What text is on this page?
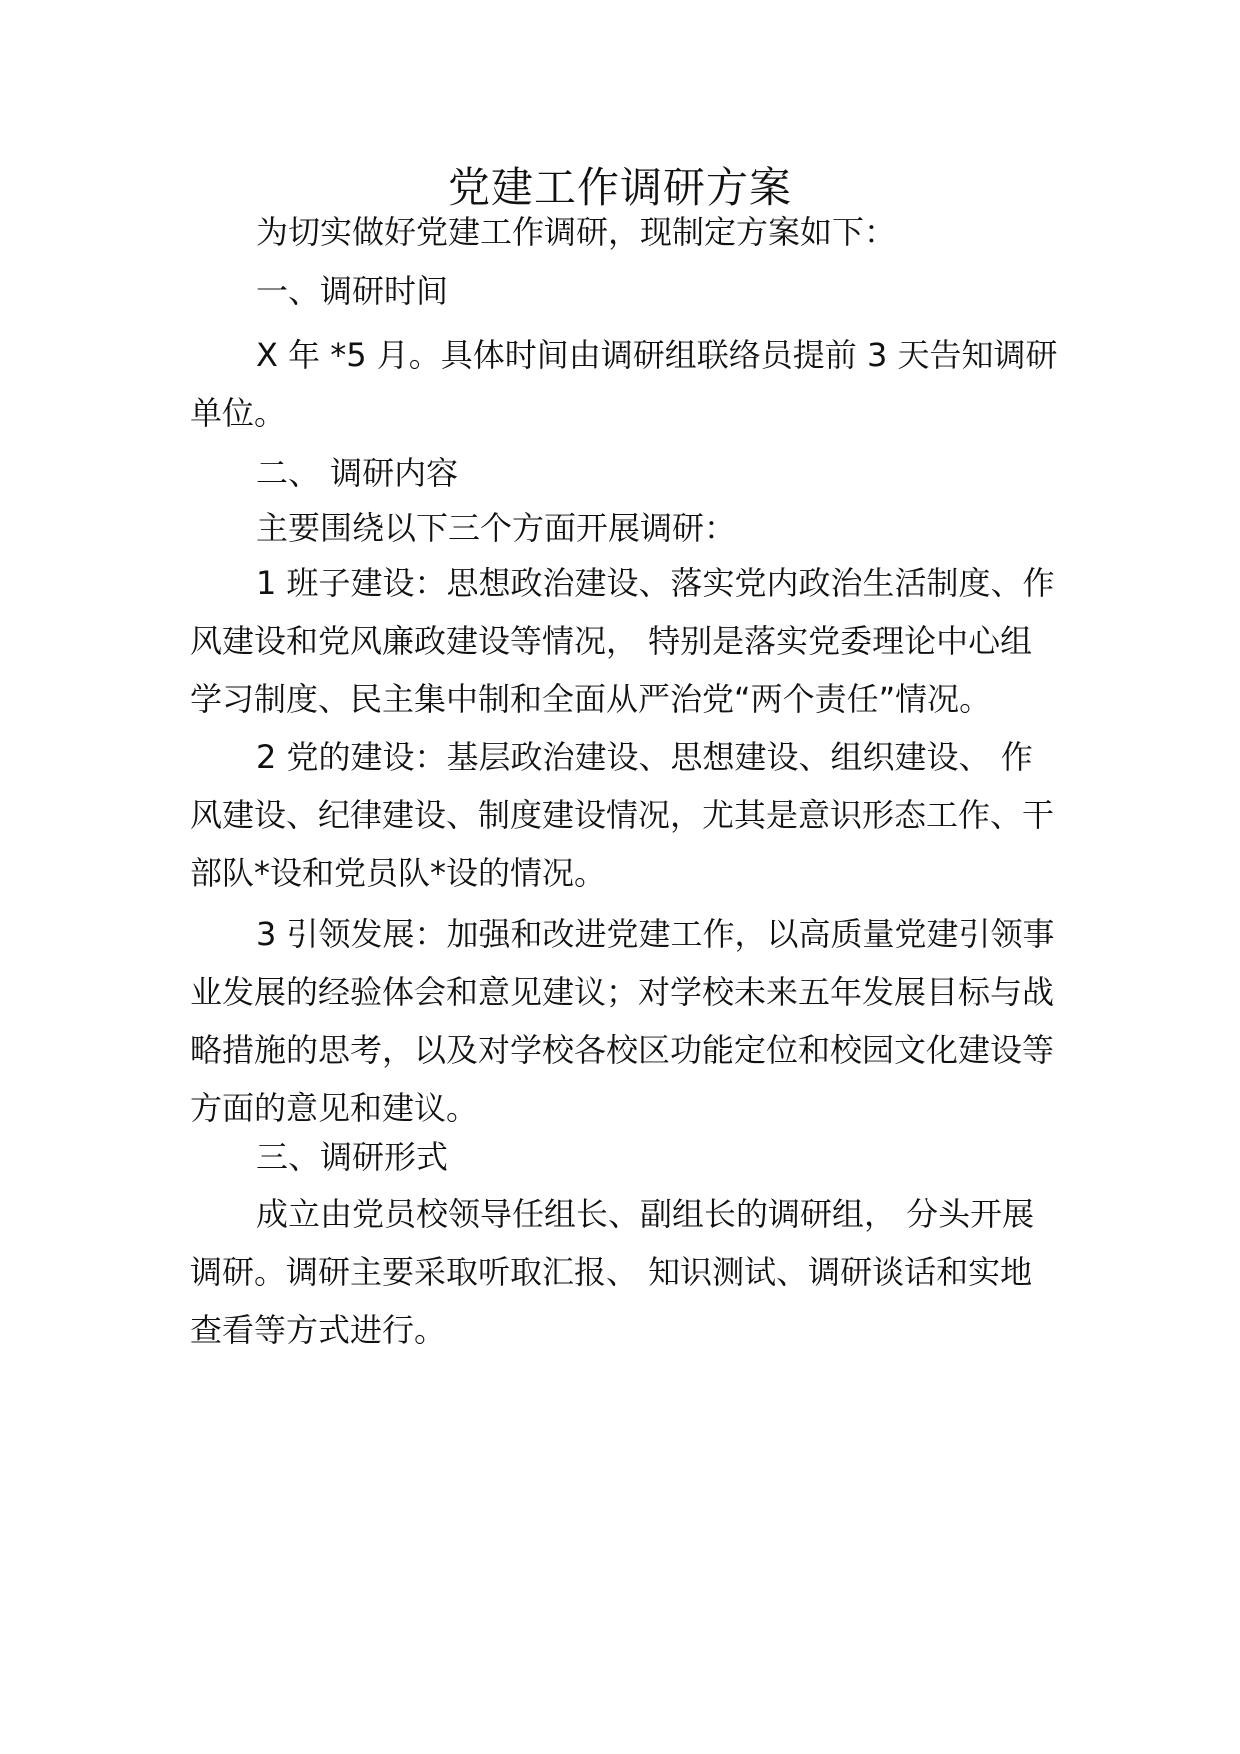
党建工作调研方案

为切实做好党建工作调研，现制定方案如下：

一、调研时间

X 年 *5 月。具体时间由调研组联络员提前 3 天告知调研单位。

二、 调研内容

主要围绕以下三个方面开展调研：

1 班子建设：思想政治建设、落实党内政治生活制度、作风建设和党风廉政建设等情况， 特别是落实党委理论中心组学习制度、民主集中制和全面从严治党“两个责任”情况。

2 党的建设：基层政治建设、思想建设、组织建设、 作风建设、纪律建设、制度建设情况，尤其是意识形态工作、干部队*设和党员队*设的情况。

3 引领发展：加强和改进党建工作，以高质量党建引领事业发展的经验体会和意见建议；对学校未来五年发展目标与战略措施的思考，以及对学校各校区功能定位和校园文化建设等方面的意见和建议。

三、调研形式

成立由党员校领导任组长、副组长的调研组， 分头开展调研。调研主要采取听取汇报、 知识测试、调研谈话和实地查看等方式进行。
